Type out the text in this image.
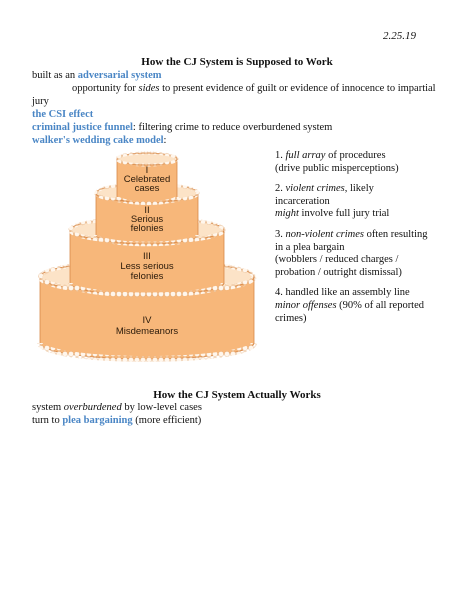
2.25.19
How the CJ System is Supposed to Work
built as an adversarial system
opportunity for sides to present evidence of guilt or evidence of innocence to impartial
jury
the CSI effect
criminal justice funnel: filtering crime to reduce overburdened system
walker's wedding cake model:
I
Celebrated
cases
II
Serious
felonies
III
Less serious
felonies
IV
Misdemeanors

1. full array of procedures
(drive public misperceptions)

2. violent crimes, likely
incarceration
might involve full jury trial

3. non-violent crimes often resulting
in a plea bargain
(wobblers / reduced charges /
probation / outright dismissal)

4. handled like an assembly line
minor offenses (90% of all reported
crimes)

How the CJ System Actually Works
system overburdened by low-level cases
turn to plea bargaining (more efficient)
